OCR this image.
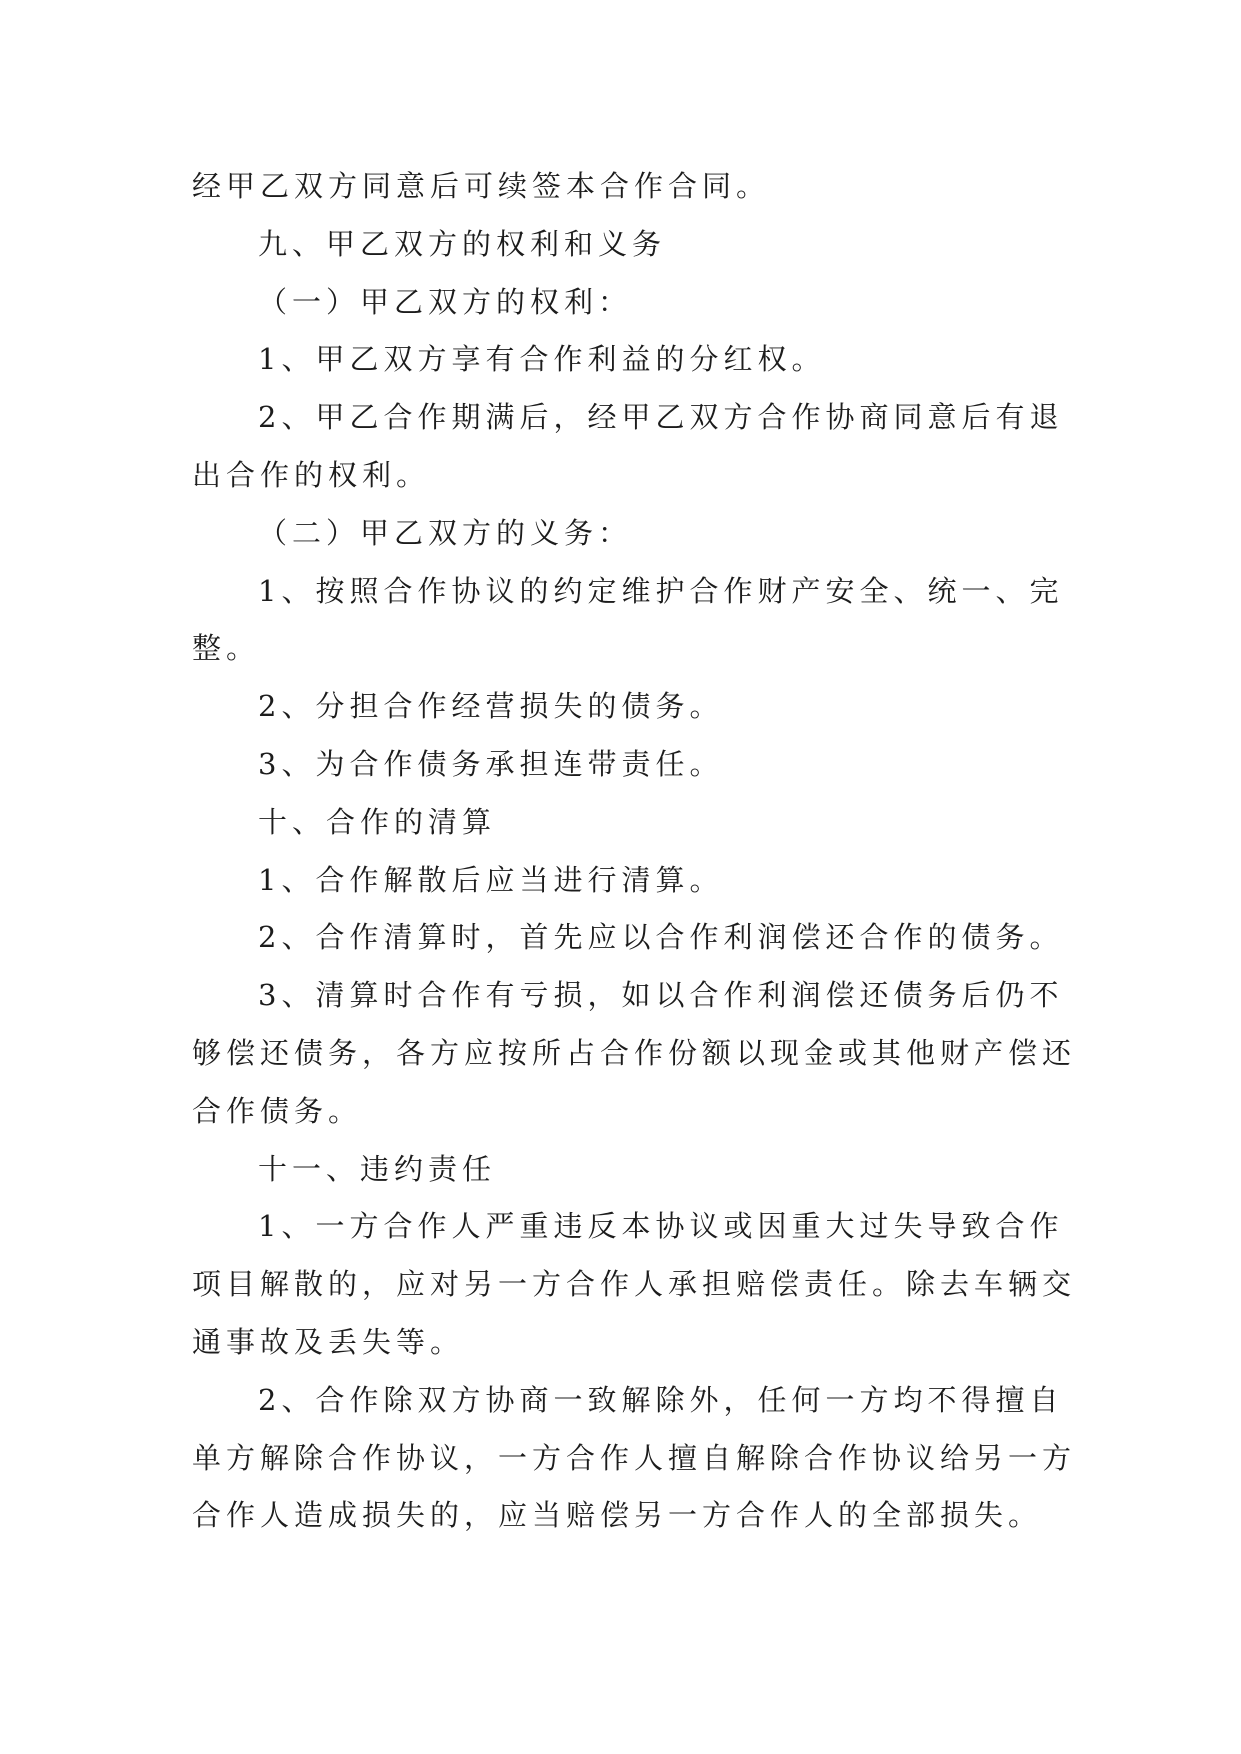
经甲乙双方同意后可续签本合作合同。

九、甲乙双方的权利和义务

（一）甲乙双方的权利：

1、甲乙双方享有合作利益的分红权。

2、甲乙合作期满后，经甲乙双方合作协商同意后有退
出合作的权利。

（二）甲乙双方的义务：

1、按照合作协议的约定维护合作财产安全、统一、完
整。

2、分担合作经营损失的债务。

3、为合作债务承担连带责任。

十、合作的清算

1、合作解散后应当进行清算。

2、合作清算时，首先应以合作利润偿还合作的债务。

3、清算时合作有亏损，如以合作利润偿还债务后仍不
够偿还债务，各方应按所占合作份额以现金或其他财产偿还
合作债务。

十一、违约责任

1、一方合作人严重违反本协议或因重大过失导致合作
项目解散的，应对另一方合作人承担赔偿责任。除去车辆交
通事故及丢失等。

2、合作除双方协商一致解除外，任何一方均不得擅自
单方解除合作协议，一方合作人擅自解除合作协议给另一方
合作人造成损失的，应当赔偿另一方合作人的全部损失。
